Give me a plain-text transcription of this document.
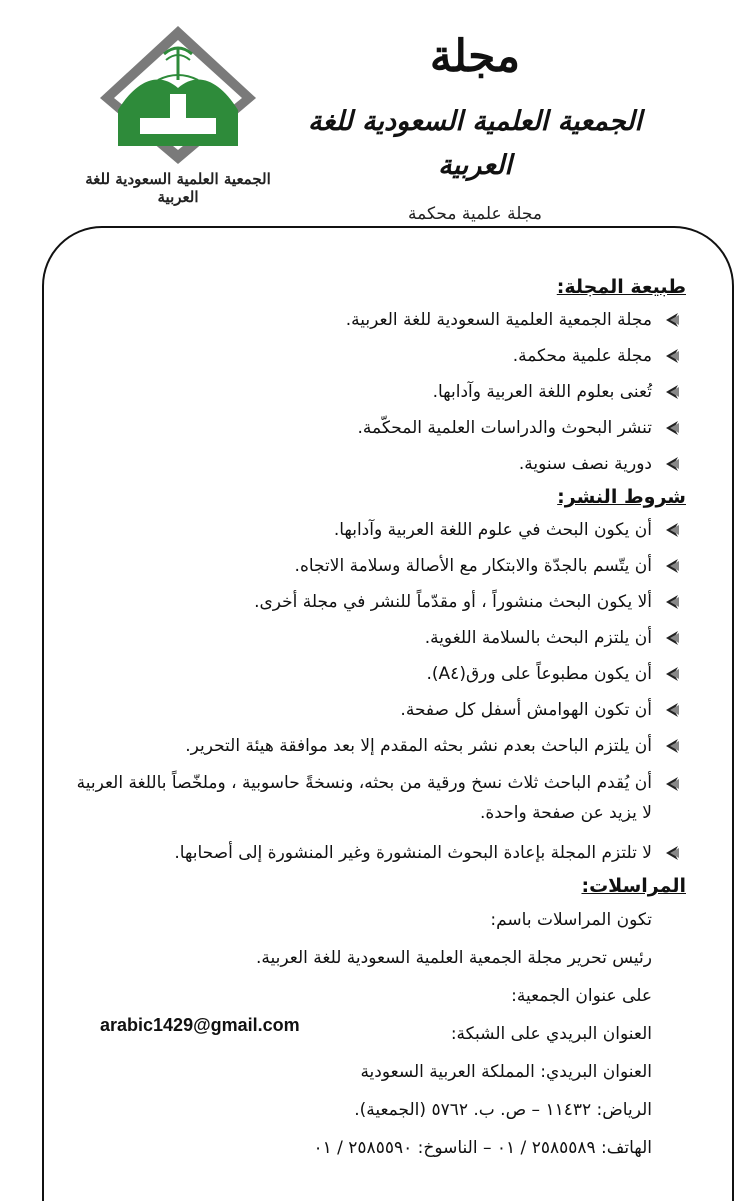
الجمعية العلمية السعودية للغة العربية
مجلة
الجمعية العلمية السعودية للغة العربية
مجلة علمية محكمة
طبيعة المجلة:
مجلة الجمعية العلمية السعودية للغة العربية.
مجلة علمية محكمة.
تُعنى بعلوم اللغة العربية وآدابها.
تنشر البحوث والدراسات العلمية المحكّمة.
دورية نصف سنوية.
شروط النشر:
أن يكون البحث في علوم اللغة العربية وآدابها.
أن يتّسم بالجدّة والابتكار مع الأصالة وسلامة الاتجاه.
ألا يكون البحث منشوراً ، أو مقدّماً للنشر في مجلة أخرى.
أن يلتزم البحث بالسلامة اللغوية.
أن يكون مطبوعاً على ورق(A٤).
أن تكون الهوامش أسفل كل صفحة.
أن يلتزم الباحث بعدم نشر بحثه المقدم إلا بعد موافقة هيئة التحرير.
أن يُقدم الباحث ثلاث نسخ ورقية من بحثه، ونسخةً حاسوبية ، وملخّصاً باللغة العربية لا يزيد عن صفحة واحدة.
لا تلتزم المجلة بإعادة البحوث المنشورة وغير المنشورة إلى أصحابها.
المراسلات:

تكون المراسلات باسم:

رئيس تحرير مجلة الجمعية العلمية السعودية للغة العربية.

على عنوان الجمعية:

العنوان البريدي على الشبكة:

arabic1429@gmail.com

العنوان البريدي: المملكة العربية السعودية

الرياض: ١١٤٣٢ – ص. ب. ٥٧٦٢ (الجمعية).

الهاتف: ٢٥٨٥٥٨٩ / ٠١ – الناسوخ: ٢٥٨٥٥٩٠ / ٠١
